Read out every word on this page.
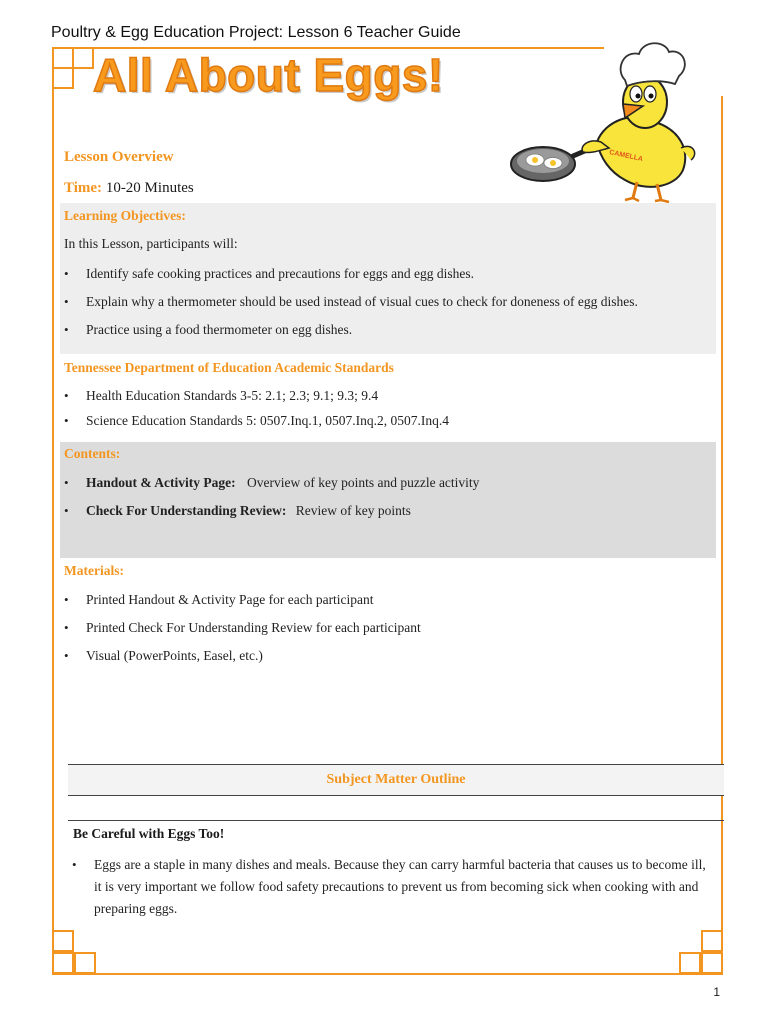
Poultry & Egg Education Project: Lesson 6 Teacher Guide
All About Eggs!
CAMELLA
Lesson Overview
Time: 10-20 Minutes
Learning Objectives:
In this Lesson, participants will:
• Identify safe cooking practices and precautions for eggs and egg dishes.
• Explain why a thermometer should be used instead of visual cues to check for doneness of egg dishes.
• Practice using a food thermometer on egg dishes.
Tennessee Department of Education Academic Standards
• Health Education Standards 3-5: 2.1; 2.3; 9.1; 9.3; 9.4
• Science Education Standards 5: 0507.Inq.1, 0507.Inq.2, 0507.Inq.4
Contents:
• Handout & Activity Page: Overview of key points and puzzle activity
• Check For Understanding Review: Review of key points
Materials:
• Printed Handout & Activity Page for each participant
• Printed Check For Understanding Review for each participant
• Visual (PowerPoints, Easel, etc.)
Subject Matter Outline
Be Careful with Eggs Too!
• Eggs are a staple in many dishes and meals. Because they can carry harmful bacteria that causes us to become ill, it is very important we follow food safety precautions to prevent us from becoming sick when cooking with and preparing eggs.
1
